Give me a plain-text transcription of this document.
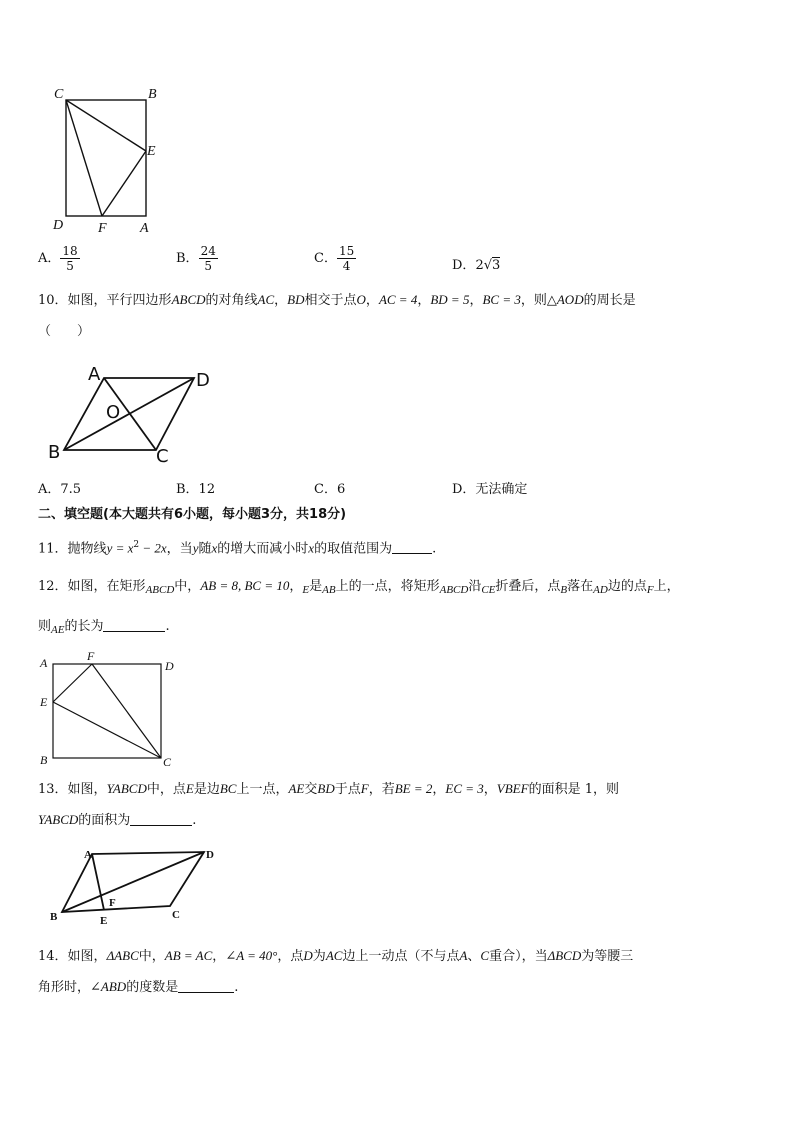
C	B
E
D F A
A． $\frac{18}{5}$	B． $\frac{24}{5}$	C． $\frac{15}{4}$	D．2√3
10．如图，平行四边形ABCD的对角线AC，BD相交于点O，AC = 4，BD = 5，BC = 3，则△AOD的周长是
（　　）
A	D
O
B	C
A．7.5	B．12	C．6	D．无法确定
二、填空题(本大题共有6小题，每小题3分，共18分)
11．抛物线$y = x^2 - 2x$，当y随x的增大而减小时x的取值范围为	.
12．如图，在矩形$_{ABCD}$中，AB = 8, BC = 10，$_E$是$_{AB}$上的一点，将矩形$_{ABCD}$沿$_{CE}$折叠后，点$_B$落在$_{AD}$边的点$_F$上，
则$_{AE}$的长为	.
A	F
D
E
B	C
13．如图，YABCD中，点E是边BC上一点，AE交BD于点F，若BE = 2，EC = 3，VBEF的面积是 1，则
YABCD的面积为	.
A	D
F
B	E	C
14．如图，ΔABC中，AB = AC，∠A = 40°，点D为AC边上一动点（不与点A、C重合），当ΔBCD为等腰三
角形时，∠ABD的度数是	.
